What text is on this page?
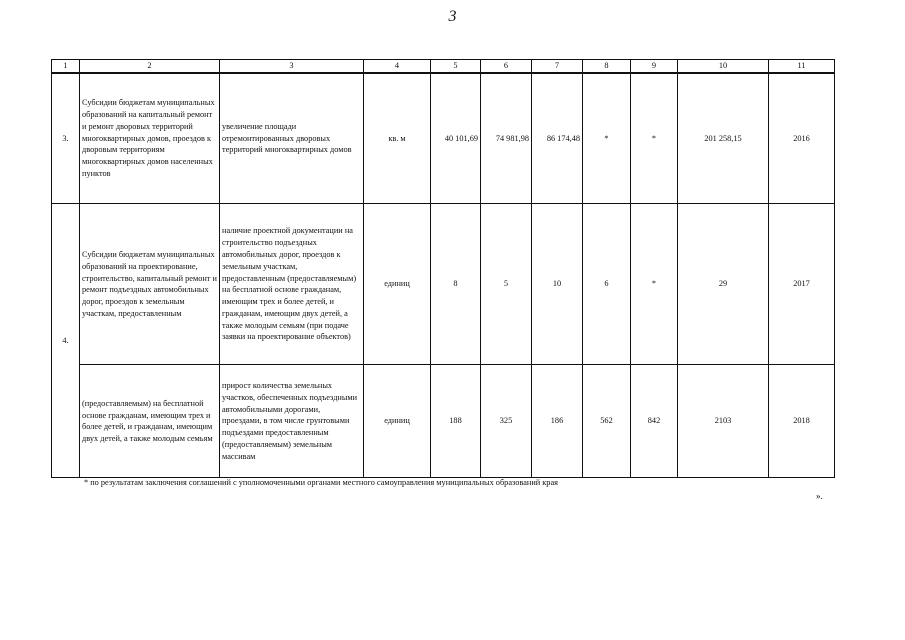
3
1	2	3	4	5	6	7	8	9	10	11
3.	Субсидии бюджетам муниципальных образований на капитальный ремонт и ремонт дворовых территорий многоквартирных домов, проездов к дворовым территориям многоквартирных домов населенных пунктов	увеличение площади отремонтированных дворовых территорий многоквартирных домов	кв. м	40 101,69	74 981,98	86 174,48	*	*	201 258,15	2016
4.	Субсидии бюджетам муниципальных образований на проектирование, строительство, капитальный ремонт и ремонт подъездных автомобильных дорог, проездов к земельным участкам, предоставленным	наличие проектной документации на строительство подъездных автомобильных дорог, проездов к земельным участкам, предоставленным (предоставляемым) на бесплатной основе гражданам, имеющим трех и более детей, и гражданам, имеющим двух детей, а также молодым семьям (при подаче заявки на проектирование объектов)	единиц	8	5	10	6	*	29	2017
	(предоставляемым) на бесплатной основе гражданам, имеющим трех и более детей, и гражданам, имеющим двух детей, а также молодым семьям	прирост количества земельных участков, обеспеченных подъездными автомобильными дорогами, проездами, в том числе грунтовыми подъездами предоставленным (предоставляемым) земельным массивам	единиц	188	325	186	562	842	2103	2018
* по результатам заключения соглашений с уполномоченными органами местного самоуправления муниципальных образований края
».
